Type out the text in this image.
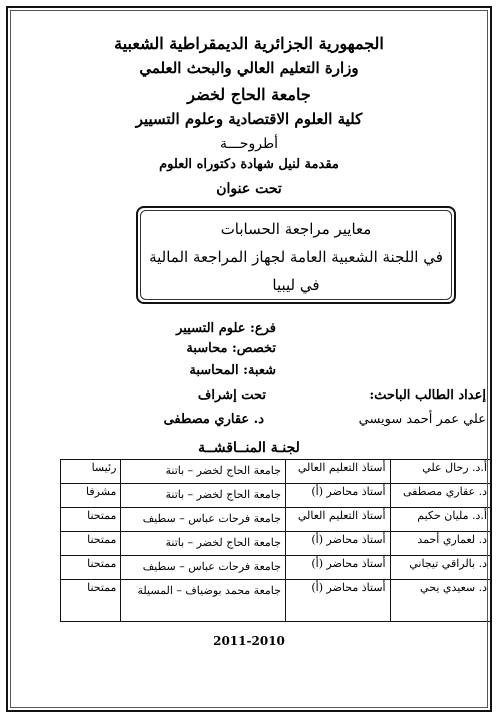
الجمهورية الجزائرية الديمقراطية الشعبية
وزارة التعليم العالي والبحث العلمي
جامعة الحاج لخضر
كلية العلوم الاقتصادية وعلوم التسيير
أطروحـــة
مقدمة لنيل شهادة دكتوراه العلوم
تحت عنوان
معايير مراجعة الحسابات
في اللجنة الشعبية العامة لجهاز المراجعة المالية
في ليبيا
فرع: علوم التسيير
تخصص: محاسبة
شعبة: المحاسبة
إعداد الطالب الباحث:
تحت إشراف
علي عمر أحمد سويسي
د. عقاري مصطفى
لجنـة المنــاقشــة
أ.د. رحال علي	أستاذ التعليم العالي	جامعة الحاج لخضر – باتنة	رئيسا
د. عقاري مصطفى	أستاذ محاضر (أ)	جامعة الحاج لخضر – باتنة	مشرفا
أ.د. مليان حكيم	أستاذ التعليم العالي	جامعة فرحات عباس – سطيف	ممتحنا
د. لعماري أحمد	أستاذ محاضر (أ)	جامعة الحاج لخضر – باتنة	ممتحنا
د. بالراقي تيجاني	أستاذ محاضر (أ)	جامعة فرحات عباس – سطيف	ممتحنا
د. سعيدي يحي	أستاذ محاضر (أ)	جامعة محمد بوضياف – المسيلة	ممتحنا
2011-2010
